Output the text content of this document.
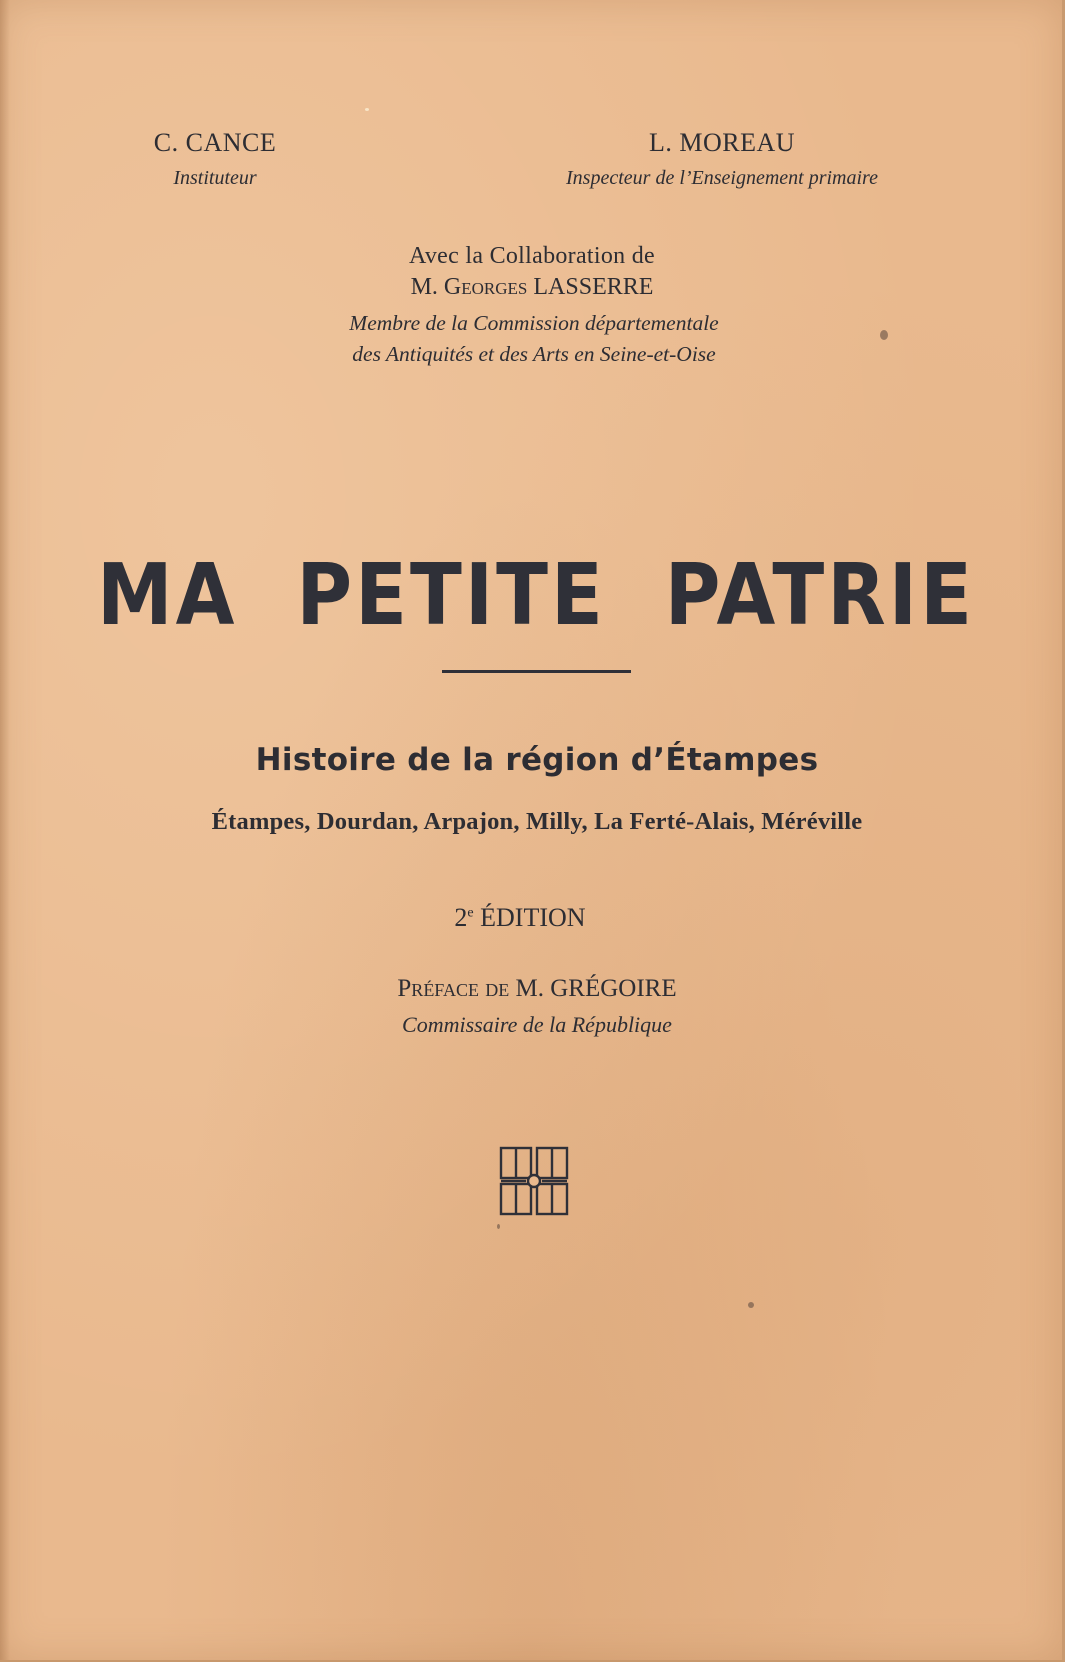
C. CANCE
Instituteur
L. MOREAU
Inspecteur de l’Enseignement primaire
Avec la Collaboration de
M. Georges LASSERRE
Membre de la Commission départementale
des Antiquités et des Arts en Seine-et-Oise
MA  PETITE  PATRIE
Histoire de la région d’Étampes
Étampes, Dourdan, Arpajon, Milly, La Ferté-Alais, Méréville
2e ÉDITION
Préface de M. GRÉGOIRE
Commissaire de la République
